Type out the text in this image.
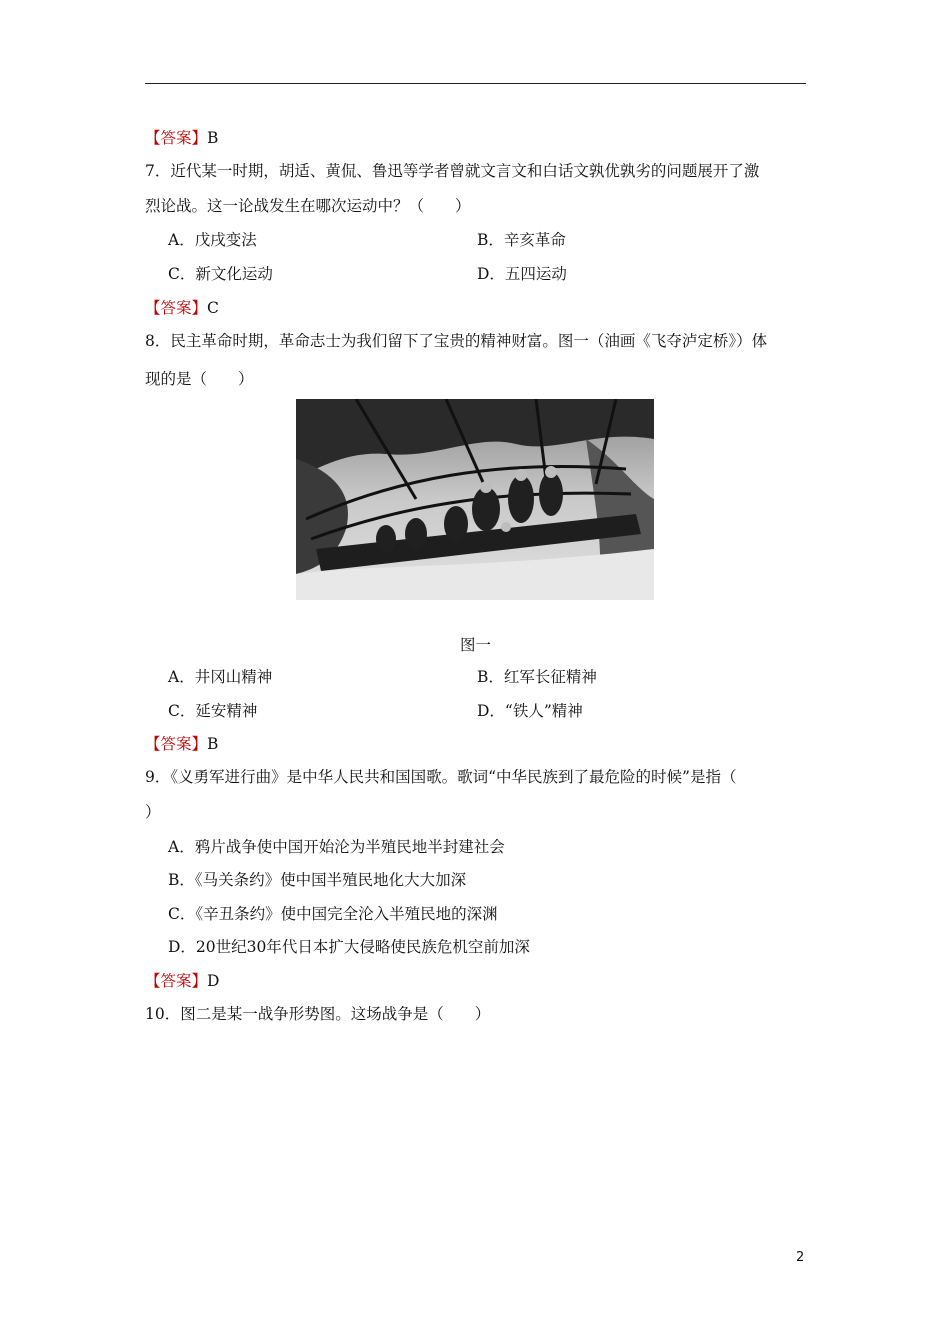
【答案】B
7．近代某一时期，胡适、黄侃、鲁迅等学者曾就文言文和白话文孰优孰劣的问题展开了激
烈论战。这一论战发生在哪次运动中？（　　）
A．戊戌变法	B．辛亥革命
C．新文化运动	D．五四运动
【答案】C
8．民主革命时期，革命志士为我们留下了宝贵的精神财富。图一（油画《飞夺泸定桥》）体
现的是（　　）
图一
A．井冈山精神	B．红军长征精神
C．延安精神	D．“铁人”精神
【答案】B
9．《义勇军进行曲》是中华人民共和国国歌。歌词“中华民族到了最危险的时候”是指（
）
A．鸦片战争使中国开始沦为半殖民地半封建社会
B．《马关条约》使中国半殖民地化大大加深
C．《辛丑条约》使中国完全沦入半殖民地的深渊
D．20世纪30年代日本扩大侵略使民族危机空前加深
【答案】D
10．图二是某一战争形势图。这场战争是（　　）
2
